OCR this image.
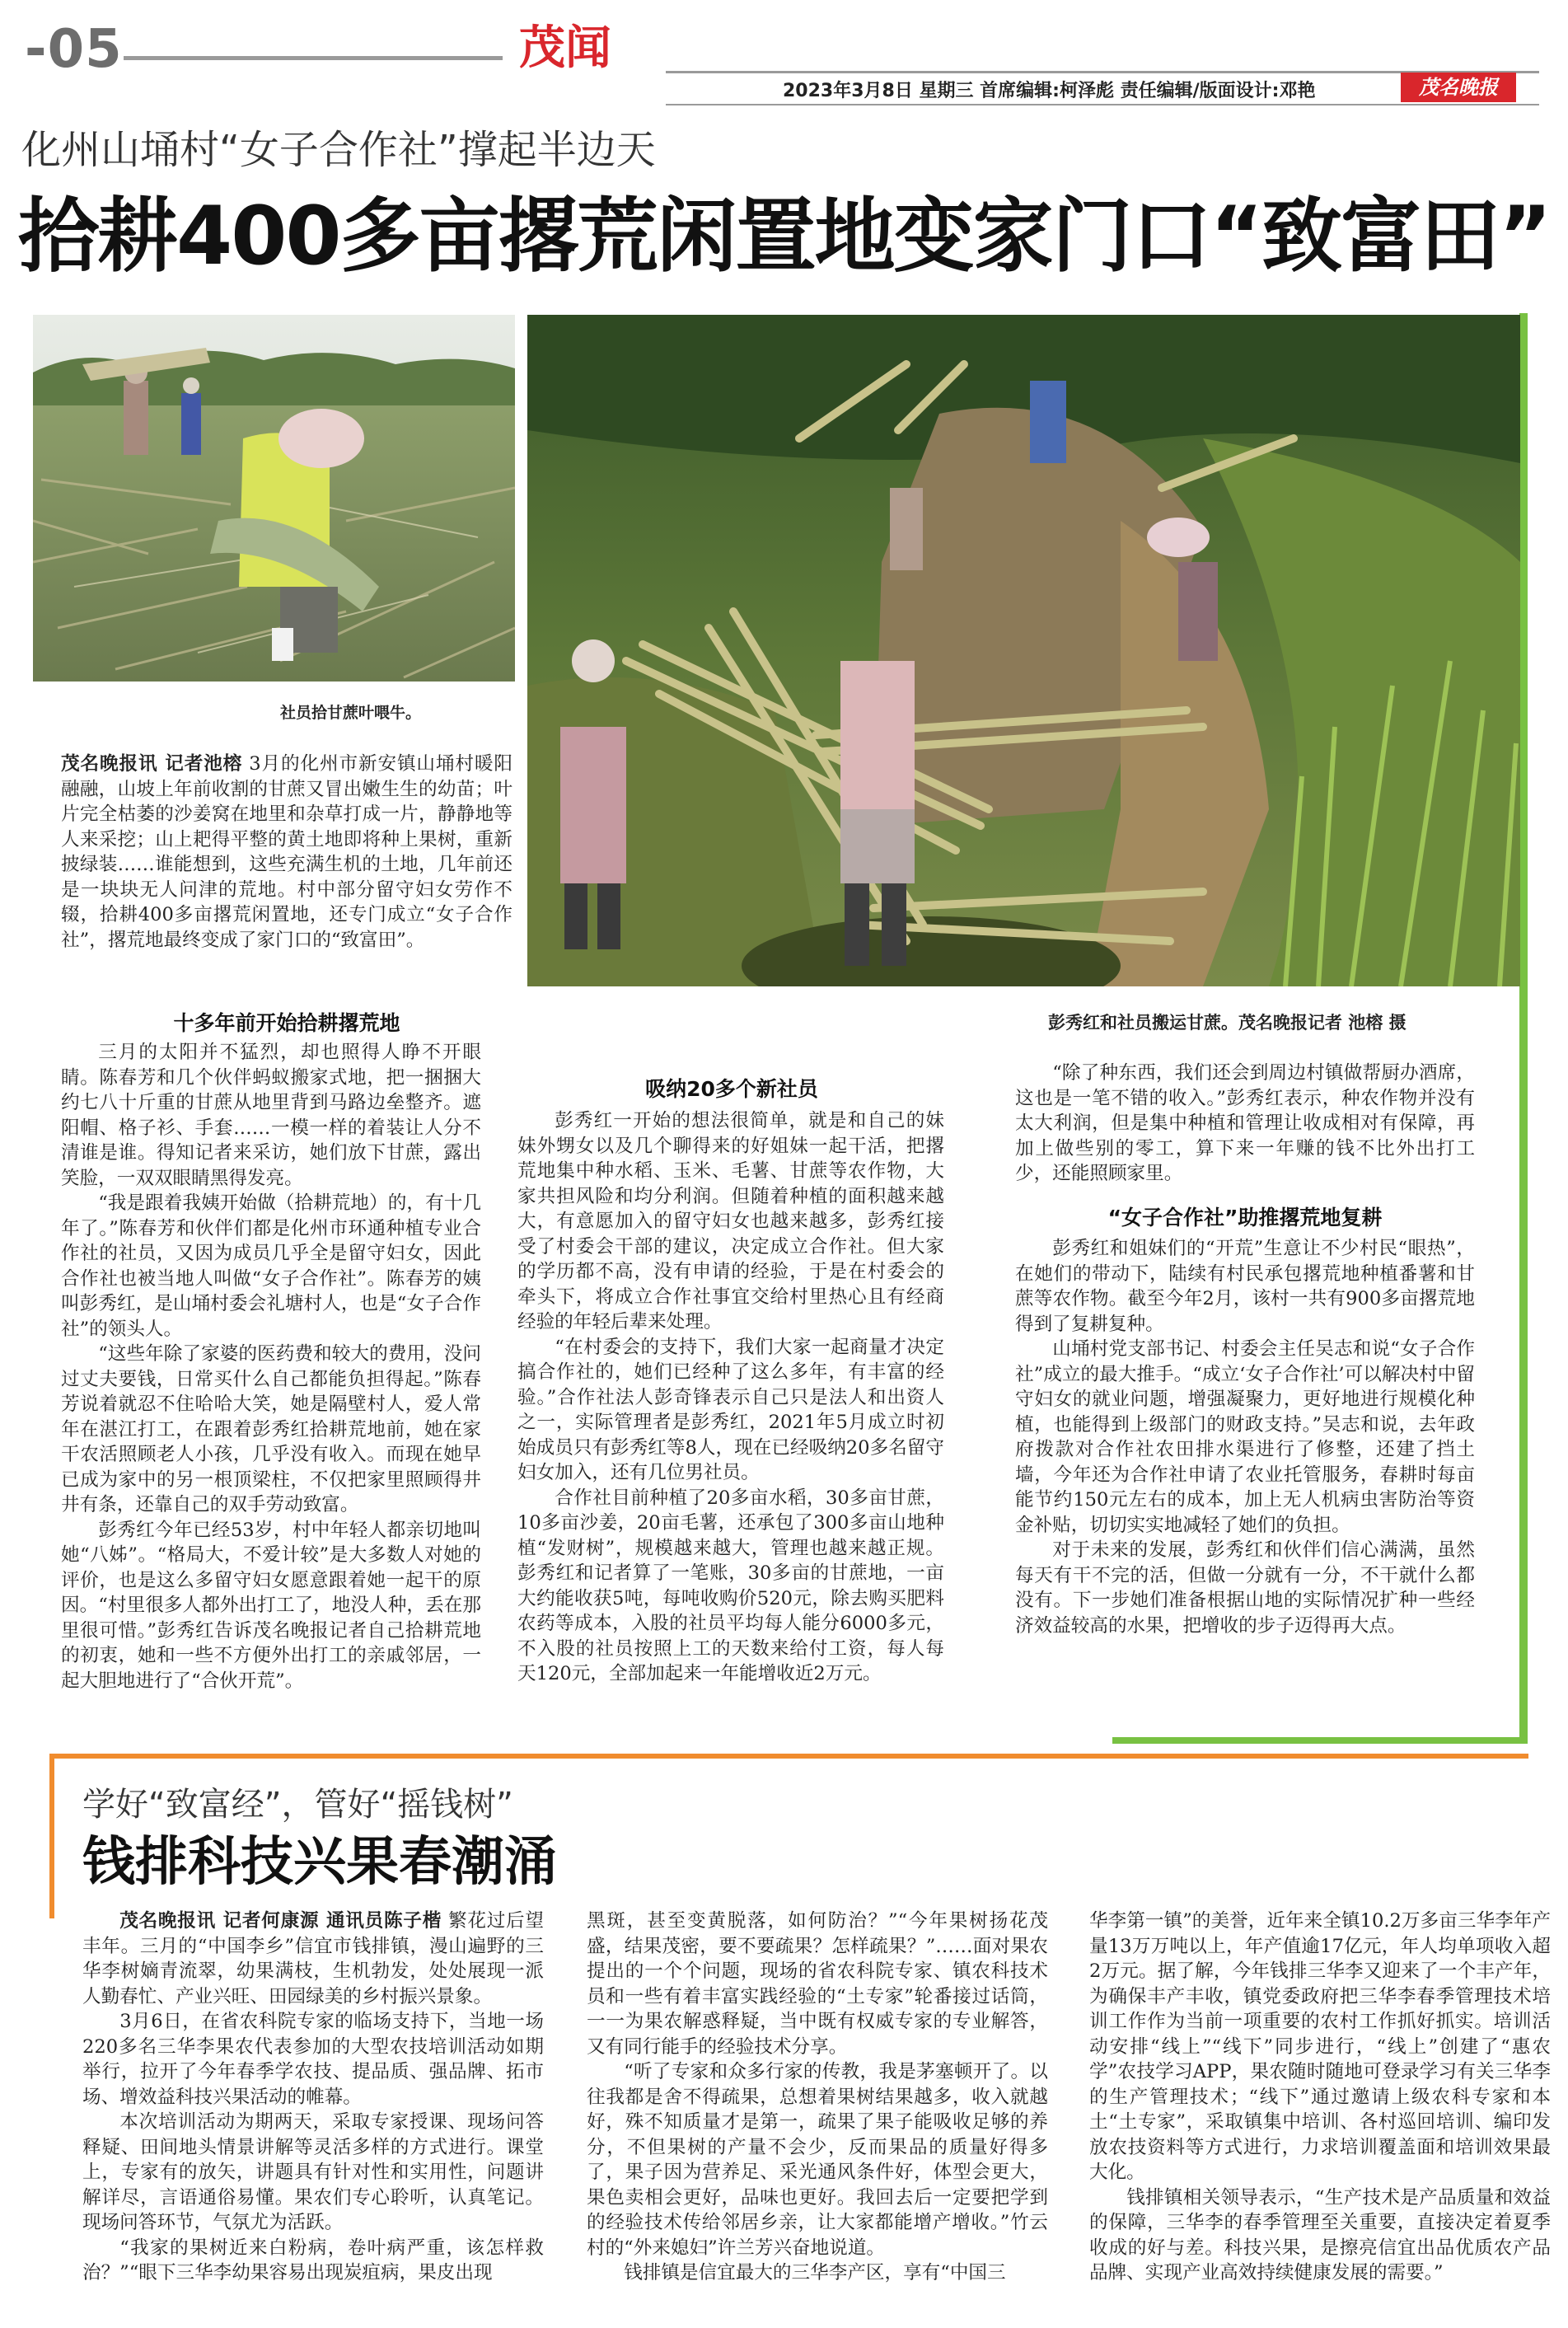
-05	茂闻
2023年3月8日 星期三 首席编辑:柯泽彪 责任编辑/版面设计:邓艳	茂名晚报
化州山埇村“女子合作社”撑起半边天
拾耕400多亩撂荒闲置地变家门口“致富田”
社员拾甘蔗叶喂牛。
彭秀红和社员搬运甘蔗。茂名晚报记者 池榕 摄

茂名晚报讯 记者池榕 3月的化州市新安镇山埇村暖阳融融，山坡上年前收割的甘蔗又冒出嫩生生的幼苗；叶片完全枯萎的沙姜窝在地里和杂草打成一片，静静地等人来采挖；山上耙得平整的黄土地即将种上果树，重新披绿装……谁能想到，这些充满生机的土地，几年前还是一块块无人问津的荒地。村中部分留守妇女劳作不辍，拾耕400多亩撂荒闲置地，还专门成立“女子合作社”，撂荒地最终变成了家门口的“致富田”。

十多年前开始拾耕撂荒地

三月的太阳并不猛烈，却也照得人睁不开眼睛。陈春芳和几个伙伴蚂蚁搬家式地，把一捆捆大约七八十斤重的甘蔗从地里背到马路边垒整齐。遮阳帽、格子衫、手套……一模一样的着装让人分不清谁是谁。得知记者来采访，她们放下甘蔗，露出笑脸，一双双眼睛黑得发亮。

“我是跟着我姨开始做（拾耕荒地）的，有十几年了。”陈春芳和伙伴们都是化州市环通种植专业合作社的社员，又因为成员几乎全是留守妇女，因此合作社也被当地人叫做“女子合作社”。陈春芳的姨叫彭秀红，是山埇村委会礼塘村人，也是“女子合作社”的领头人。

“这些年除了家婆的医药费和较大的费用，没问过丈夫要钱，日常买什么自己都能负担得起。”陈春芳说着就忍不住哈哈大笑，她是隔壁村人，爱人常年在湛江打工，在跟着彭秀红拾耕荒地前，她在家干农活照顾老人小孩，几乎没有收入。而现在她早已成为家中的另一根顶梁柱，不仅把家里照顾得井井有条，还靠自己的双手劳动致富。

彭秀红今年已经53岁，村中年轻人都亲切地叫她“八姊”。“格局大，不爱计较”是大多数人对她的评价，也是这么多留守妇女愿意跟着她一起干的原因。“村里很多人都外出打工了，地没人种，丢在那里很可惜。”彭秀红告诉茂名晚报记者自己拾耕荒地的初衷，她和一些不方便外出打工的亲戚邻居，一起大胆地进行了“合伙开荒”。

吸纳20多个新社员

彭秀红一开始的想法很简单，就是和自己的妹妹外甥女以及几个聊得来的好姐妹一起干活，把撂荒地集中种水稻、玉米、毛薯、甘蔗等农作物，大家共担风险和均分利润。但随着种植的面积越来越大，有意愿加入的留守妇女也越来越多，彭秀红接受了村委会干部的建议，决定成立合作社。但大家的学历都不高，没有申请的经验，于是在村委会的牵头下，将成立合作社事宜交给村里热心且有经商经验的年轻后辈来处理。

“在村委会的支持下，我们大家一起商量才决定搞合作社的，她们已经种了这么多年，有丰富的经验。”合作社法人彭奇锋表示自己只是法人和出资人之一，实际管理者是彭秀红，2021年5月成立时初始成员只有彭秀红等8人，现在已经吸纳20多名留守妇女加入，还有几位男社员。

合作社目前种植了20多亩水稻，30多亩甘蔗，10多亩沙姜，20亩毛薯，还承包了300多亩山地种植“发财树”，规模越来越大，管理也越来越正规。彭秀红和记者算了一笔账，30多亩的甘蔗地，一亩大约能收获5吨，每吨收购价520元，除去购买肥料农药等成本，入股的社员平均每人能分6000多元，不入股的社员按照上工的天数来给付工资，每人每天120元，全部加起来一年能增收近2万元。

“除了种东西，我们还会到周边村镇做帮厨办酒席，这也是一笔不错的收入。”彭秀红表示，种农作物并没有太大利润，但是集中种植和管理让收成相对有保障，再加上做些别的零工，算下来一年赚的钱不比外出打工少，还能照顾家里。

“女子合作社”助推撂荒地复耕

彭秀红和姐妹们的“开荒”生意让不少村民“眼热”，在她们的带动下，陆续有村民承包撂荒地种植番薯和甘蔗等农作物。截至今年2月，该村一共有900多亩撂荒地得到了复耕复种。

山埇村党支部书记、村委会主任吴志和说“女子合作社”成立的最大推手。“成立‘女子合作社’可以解决村中留守妇女的就业问题，增强凝聚力，更好地进行规模化种植，也能得到上级部门的财政支持。”吴志和说，去年政府拨款对合作社农田排水渠进行了修整，还建了挡土墙，今年还为合作社申请了农业托管服务，春耕时每亩能节约150元左右的成本，加上无人机病虫害防治等资金补贴，切切实实地减轻了她们的负担。

对于未来的发展，彭秀红和伙伴们信心满满，虽然每天有干不完的活，但做一分就有一分，不干就什么都没有。下一步她们准备根据山地的实际情况扩种一些经济效益较高的水果，把增收的步子迈得再大点。

学好“致富经”，管好“摇钱树”
钱排科技兴果春潮涌

茂名晚报讯 记者何康源 通讯员陈子楷 繁花过后望丰年。三月的“中国李乡”信宜市钱排镇，漫山遍野的三华李树嫡青流翠，幼果满枝，生机勃发，处处展现一派人勤春忙、产业兴旺、田园绿美的乡村振兴景象。

3月6日，在省农科院专家的临场支持下，当地一场220多名三华李果农代表参加的大型农技培训活动如期举行，拉开了今年春季学农技、提品质、强品牌、拓市场、增效益科技兴果活动的帷幕。

本次培训活动为期两天，采取专家授课、现场问答释疑、田间地头情景讲解等灵活多样的方式进行。课堂上，专家有的放矢，讲题具有针对性和实用性，问题讲解详尽，言语通俗易懂。果农们专心聆听，认真笔记。现场问答环节，气氛尤为活跃。

“我家的果树近来白粉病，卷叶病严重，该怎样救治？”“眼下三华李幼果容易出现炭疽病，果皮出现

黑斑，甚至变黄脱落，如何防治？”“今年果树扬花茂盛，结果茂密，要不要疏果？怎样疏果？”……面对果农提出的一个个问题，现场的省农科院专家、镇农科技术员和一些有着丰富实践经验的“土专家”轮番接过话筒，一一为果农解惑释疑，当中既有权威专家的专业解答，又有同行能手的经验技术分享。

“听了专家和众多行家的传教，我是茅塞顿开了。以往我都是舍不得疏果，总想着果树结果越多，收入就越好，殊不知质量才是第一，疏果了果子能吸收足够的养分，不但果树的产量不会少，反而果品的质量好得多了，果子因为营养足、采光通风条件好，体型会更大，果色卖相会更好，品味也更好。我回去后一定要把学到的经验技术传给邻居乡亲，让大家都能增产增收。”竹云村的“外来媳妇”许兰芳兴奋地说道。

钱排镇是信宜最大的三华李产区，享有“中国三

华李第一镇”的美誉，近年来全镇10.2万多亩三华李年产量13万万吨以上，年产值逾17亿元，年人均单项收入超2万元。据了解，今年钱排三华李又迎来了一个丰产年，为确保丰产丰收，镇党委政府把三华李春季管理技术培训工作作为当前一项重要的农村工作抓好抓实。培训活动安排“线上”“线下”同步进行，“线上”创建了“惠农学”农技学习APP，果农随时随地可登录学习有关三华李的生产管理技术；“线下”通过邀请上级农科专家和本土“土专家”，采取镇集中培训、各村巡回培训、编印发放农技资料等方式进行，力求培训覆盖面和培训效果最大化。

钱排镇相关领导表示，“生产技术是产品质量和效益的保障，三华李的春季管理至关重要，直接决定着夏季收成的好与差。科技兴果，是擦亮信宜出品优质农产品品牌、实现产业高效持续健康发展的需要。”
